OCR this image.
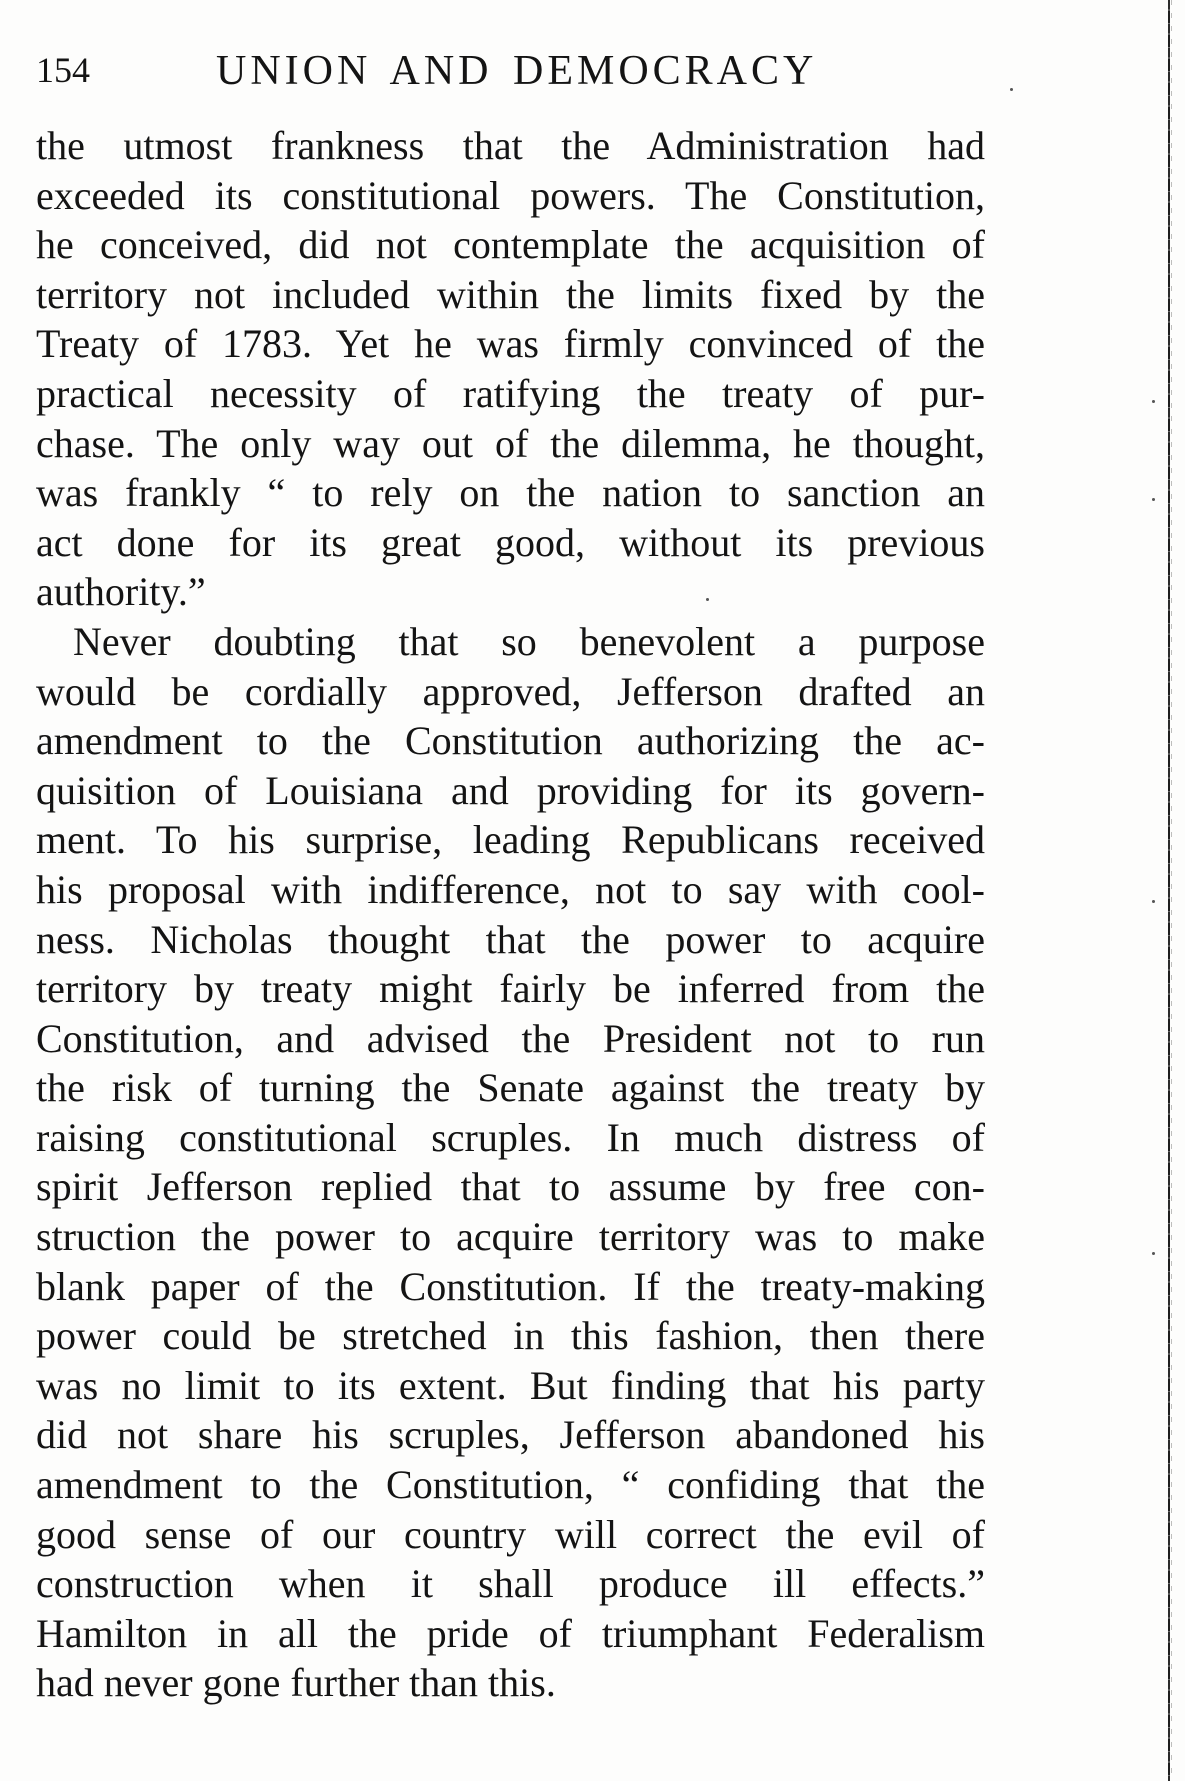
154	UNION AND DEMOCRACY
the utmost frankness that the Administration had
exceeded its constitutional powers. The Constitution,
he conceived, did not contemplate the acquisition of
territory not included within the limits fixed by the
Treaty of 1783. Yet he was firmly convinced of the
practical necessity of ratifying the treaty of pur-
chase. The only way out of the dilemma, he thought,
was frankly “ to rely on the nation to sanction an
act done for its great good, without its previous
authority.”
Never doubting that so benevolent a purpose
would be cordially approved, Jefferson drafted an
amendment to the Constitution authorizing the ac-
quisition of Louisiana and providing for its govern-
ment. To his surprise, leading Republicans received
his proposal with indifference, not to say with cool-
ness. Nicholas thought that the power to acquire
territory by treaty might fairly be inferred from the
Constitution, and advised the President not to run
the risk of turning the Senate against the treaty by
raising constitutional scruples. In much distress of
spirit Jefferson replied that to assume by free con-
struction the power to acquire territory was to make
blank paper of the Constitution. If the treaty-making
power could be stretched in this fashion, then there
was no limit to its extent. But finding that his party
did not share his scruples, Jefferson abandoned his
amendment to the Constitution, “ confiding that the
good sense of our country will correct the evil of
construction when it shall produce ill effects.”
Hamilton in all the pride of triumphant Federalism
had never gone further than this.
